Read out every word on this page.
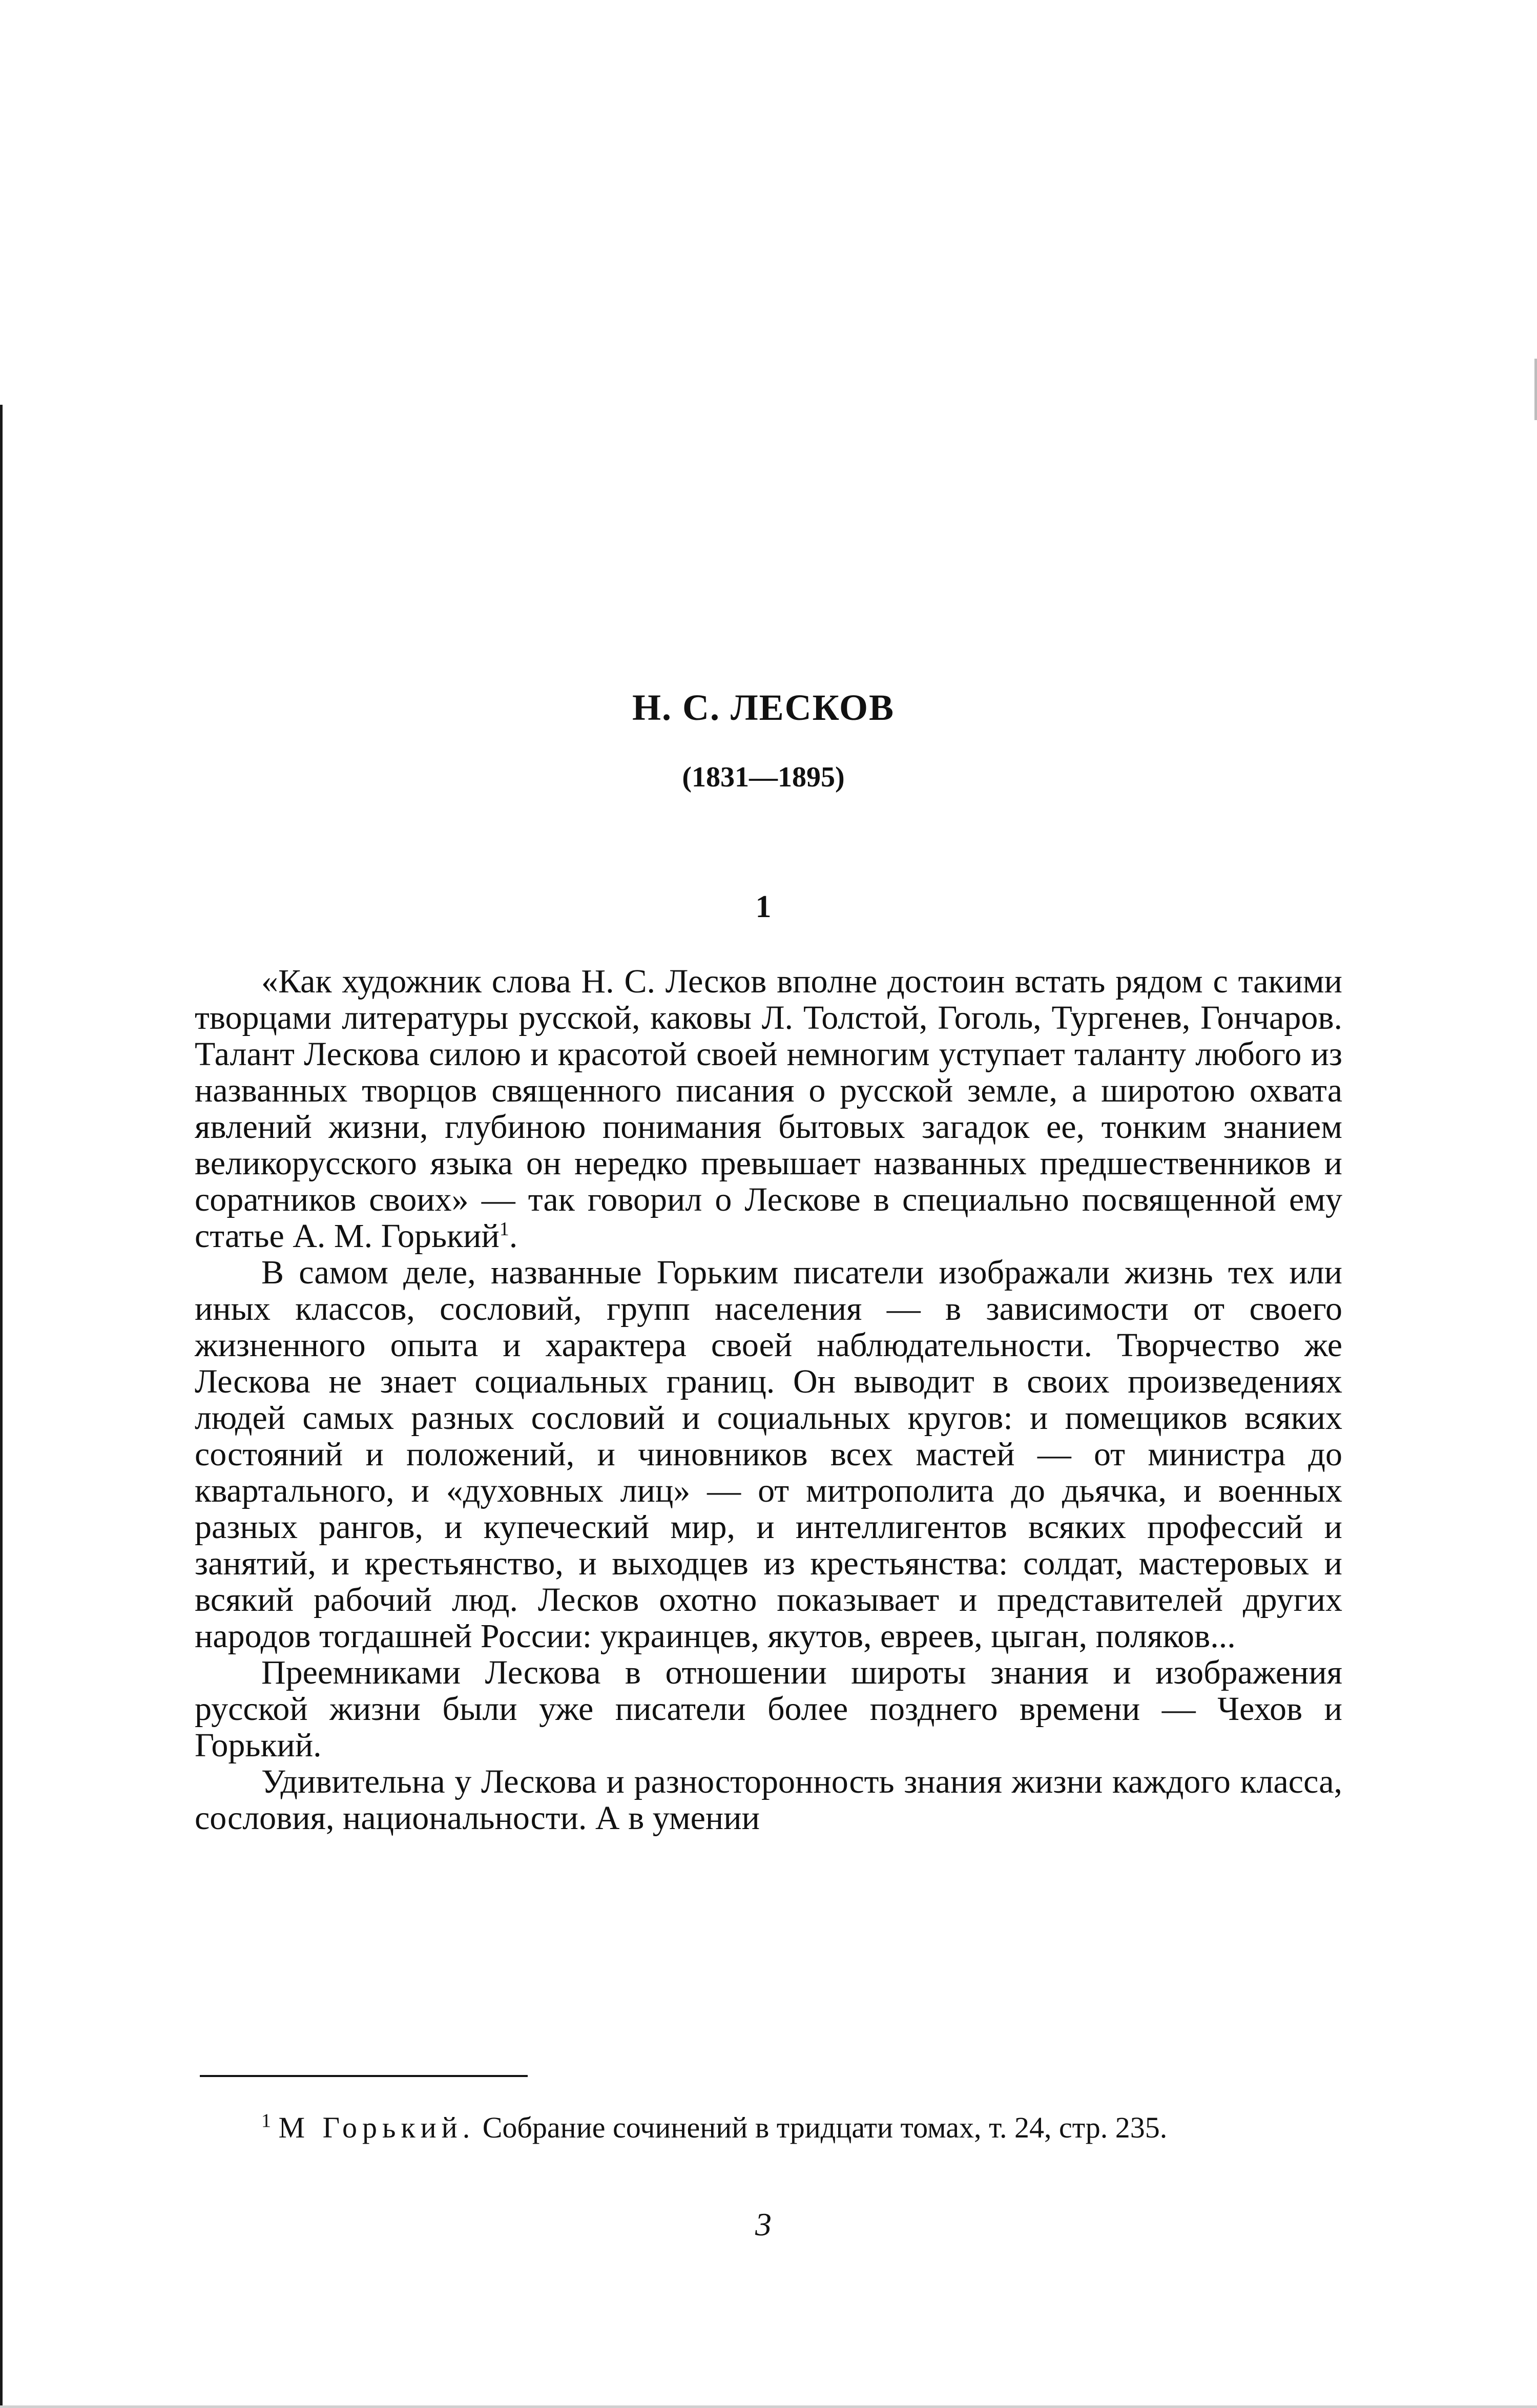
Н. С. ЛЕСКОВ
(1831—1895)
1

«Как художник слова Н. С. Лесков вполне достоин встать рядом с такими творцами литературы русской, каковы Л. Толстой, Гоголь, Тургенев, Гончаров. Талант Лескова силою и красотой своей немногим уступает таланту любого из названных творцов священного писания о русской земле, а широтою охвата явлений жизни, глубиною понимания бытовых загадок ее, тонким знанием великорусского языка он нередко превышает названных предшественников и соратников своих» — так говорил о Лескове в специально посвященной ему статье А. М. Горький$^1$.

В самом деле, названные Горьким писатели изображали жизнь тех или иных классов, сословий, групп населения — в зависимости от своего жизненного опыта и характера своей наблюдательности. Творчество же Лескова не знает социальных границ. Он выводит в своих произведениях людей самых разных сословий и социальных кругов: и помещиков всяких состояний и положений, и чиновников всех мастей — от министра до квартального, и «духовных лиц» — от митрополита до дьячка, и военных разных рангов, и купеческий мир, и интеллигентов всяких профессий и занятий, и крестьянство, и выходцев из крестьянства: солдат, мастеровых и всякий рабочий люд. Лесков охотно показывает и представителей других народов тогдашней России: украинцев, якутов, евреев, цыган, поляков...

Преемниками Лескова в отношении широты знания и изображения русской жизни были уже писатели более позднего времени — Чехов и Горький.

Удивительна у Лескова и разносторонность знания жизни каждого класса, сословия, национальности. А в умении

$^1$ М Горький. Собрание сочинений в тридцати томах, т. 24, стр. 235.

3
